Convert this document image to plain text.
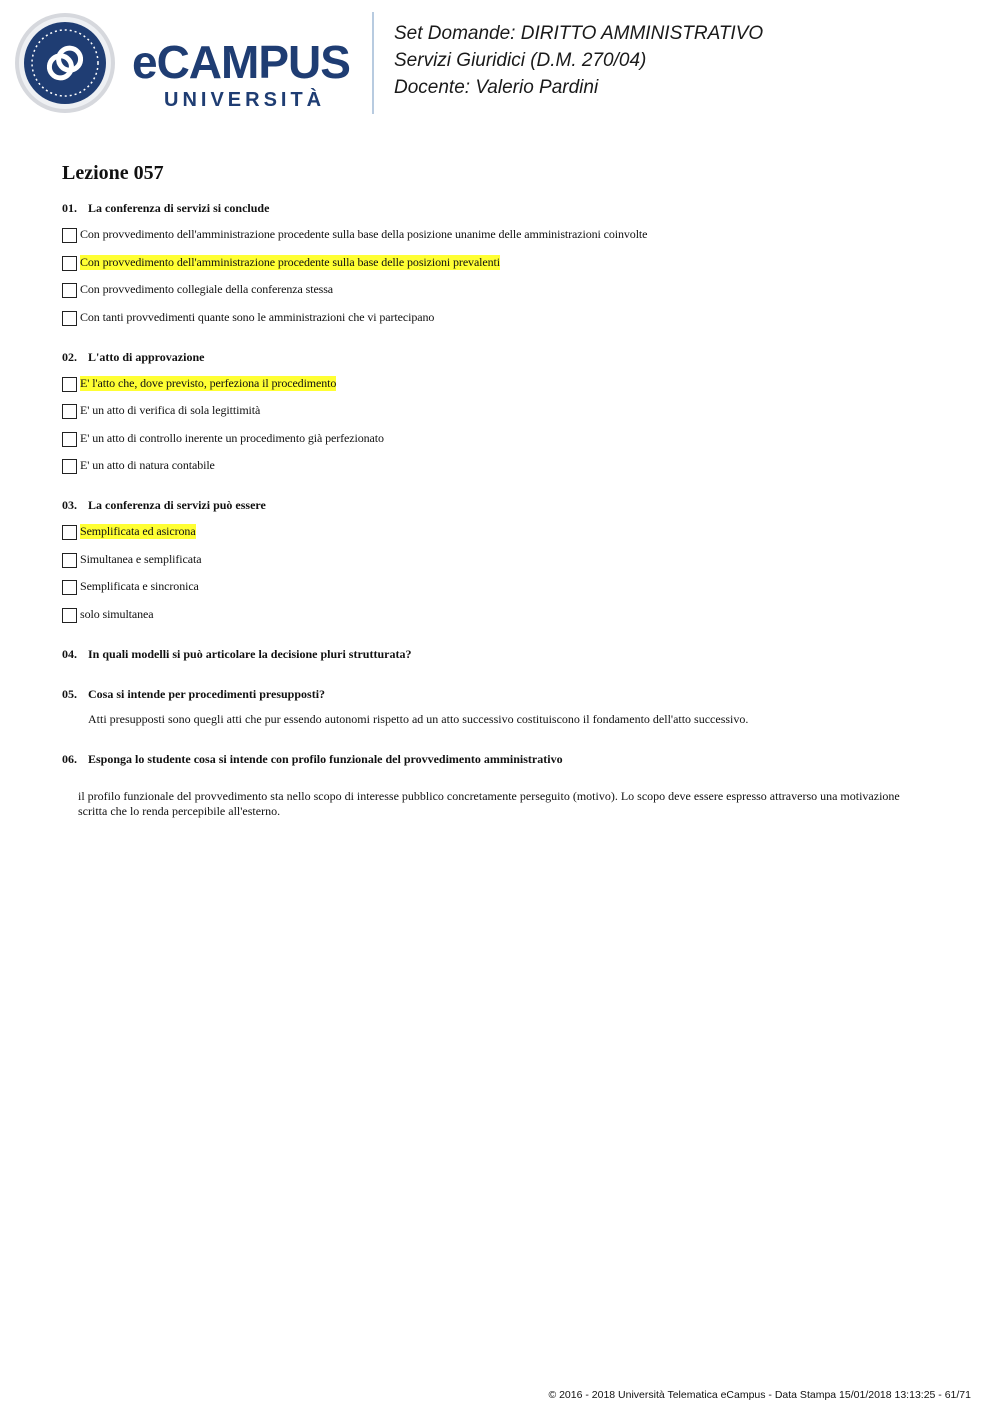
eCAMPUS
UNIVERSITÀ
Set Domande: DIRITTO AMMINISTRATIVO
Servizi Giuridici (D.M. 270/04)
Docente: Valerio Pardini
Lezione 057
01. La conferenza di servizi si conclude
Con provvedimento dell'amministrazione procedente sulla base della posizione unanime delle amministrazioni coinvolte
Con provvedimento dell'amministrazione procedente sulla base delle posizioni prevalenti
Con provvedimento collegiale della conferenza stessa
Con tanti provvedimenti quante sono le amministrazioni che vi partecipano
02. L'atto di approvazione
E' l'atto che, dove previsto, perfeziona il procedimento
E' un atto di verifica di sola legittimità
E' un atto di controllo inerente un procedimento già perfezionato
E' un atto di natura contabile
03. La conferenza di servizi può essere
Semplificata ed asicrona
Simultanea e semplificata
Semplificata e sincronica
solo simultanea
04. In quali modelli si può articolare la decisione pluri strutturata?
05. Cosa si intende per procedimenti presupposti?
Atti presupposti sono quegli atti che pur essendo autonomi rispetto ad un atto successivo costituiscono il fondamento dell'atto successivo.
06. Esponga lo studente cosa si intende con profilo funzionale del provvedimento amministrativo
il profilo funzionale del provvedimento sta nello scopo di interesse pubblico concretamente perseguito (motivo). Lo scopo deve essere espresso attraverso una motivazione scritta che lo renda percepibile all'esterno.
© 2016 - 2018 Università Telematica eCampus - Data Stampa 15/01/2018 13:13:25 - 61/71
